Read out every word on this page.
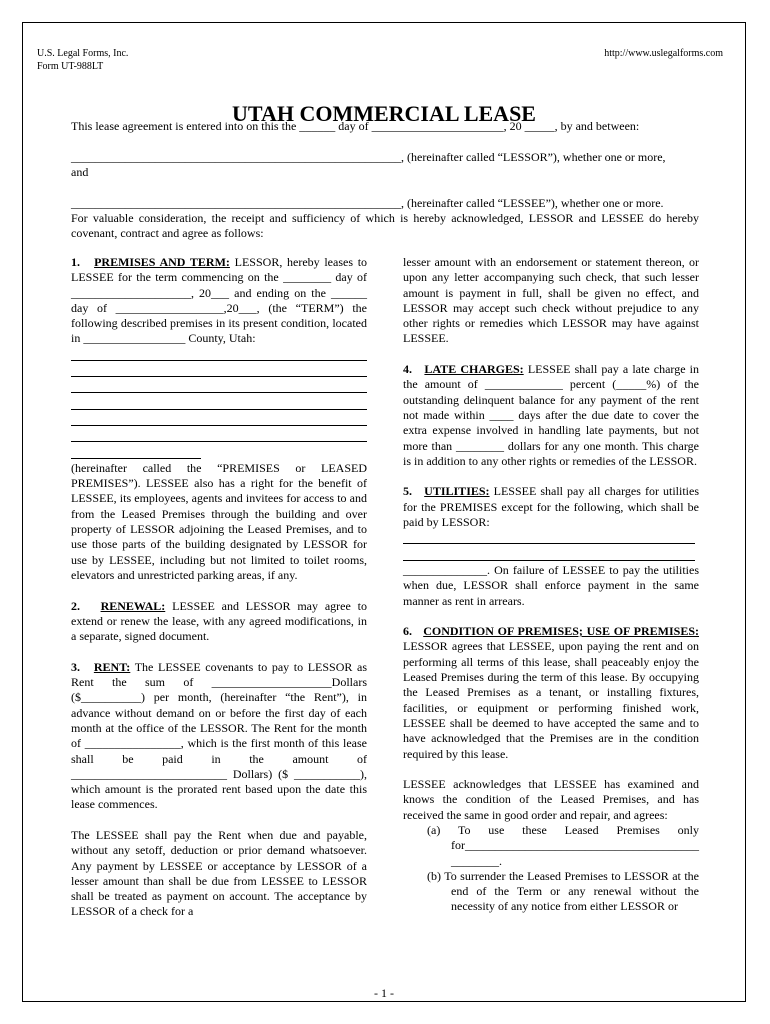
U.S. Legal Forms, Inc.
Form UT-988LT
http://www.uslegalforms.com
UTAH COMMERCIAL LEASE

This lease agreement is entered into on this the ______ day of ______________________, 20 _____, by and between:

_______________________________________________________, (hereinafter called “LESSOR”), whether one or more,

and

_______________________________________________________, (hereinafter called “LESSEE”), whether one or more.

For valuable consideration, the receipt and sufficiency of which is hereby acknowledged, LESSOR and LESSEE do hereby covenant, contract and agree as follows:

1. PREMISES AND TERM: LESSOR, hereby leases to LESSEE for the term commencing on the ________ day of ____________________, 20___ and ending on the ______ day of __________________,20___, (the “TERM”) the following described premises in its present condition, located in _________________ County, Utah:

(hereinafter called the “PREMISES or LEASED PREMISES”). LESSEE also has a right for the benefit of LESSEE, its employees, agents and invitees for access to and from the Leased Premises through the building and over property of LESSOR adjoining the Leased Premises, and to use those parts of the building designated by LESSOR for use by LESSEE, including but not limited to toilet rooms, elevators and unrestricted parking areas, if any.

2. RENEWAL: LESSEE and LESSOR may agree to extend or renew the lease, with any agreed modifications, in a separate, signed document.

3. RENT: The LESSEE covenants to pay to LESSOR as Rent the sum of ____________________Dollars ($__________) per month, (hereinafter “the Rent”), in advance without demand on or before the first day of each month at the office of the LESSOR. The Rent for the month of ________________, which is the first month of this lease shall be paid in the amount of __________________________ Dollars) ($ ___________), which amount is the prorated rent based upon the date this lease commences.

The LESSEE shall pay the Rent when due and payable, without any setoff, deduction or prior demand whatsoever. Any payment by LESSEE or acceptance by LESSOR of a lesser amount than shall be due from LESSEE to LESSOR shall be treated as payment on account. The acceptance by LESSOR of a check for a

lesser amount with an endorsement or statement thereon, or upon any letter accompanying such check, that such lesser amount is payment in full, shall be given no effect, and LESSOR may accept such check without prejudice to any other rights or remedies which LESSOR may have against LESSEE.

4. LATE CHARGES: LESSEE shall pay a late charge in the amount of _____________ percent (_____%) of the outstanding delinquent balance for any payment of the rent not made within ____ days after the due date to cover the extra expense involved in handling late payments, but not more than ________ dollars for any one month. This charge is in addition to any other rights or remedies of the LESSOR.

5. UTILITIES: LESSEE shall pay all charges for utilities for the PREMISES except for the following, which shall be paid by LESSOR:

______________. On failure of LESSEE to pay the utilities when due, LESSOR shall enforce payment in the same manner as rent in arrears.

6. CONDITION OF PREMISES; USE OF PREMISES: LESSOR agrees that LESSEE, upon paying the rent and on performing all terms of this lease, shall peaceably enjoy the Leased Premises during the term of this lease. By occupying the Leased Premises as a tenant, or installing fixtures, facilities, or equipment or performing finished work, LESSEE shall be deemed to have accepted the same and to have acknowledged that the Premises are in the condition required by this lease.

LESSEE acknowledges that LESSEE has examined and knows the condition of the Leased Premises, and has received the same in good order and repair, and agrees:

(a) To use these Leased Premises only for_______________________________________ ________.

(b) To surrender the Leased Premises to LESSOR at the end of the Term or any renewal without the necessity of any notice from either LESSOR or

- 1 -
